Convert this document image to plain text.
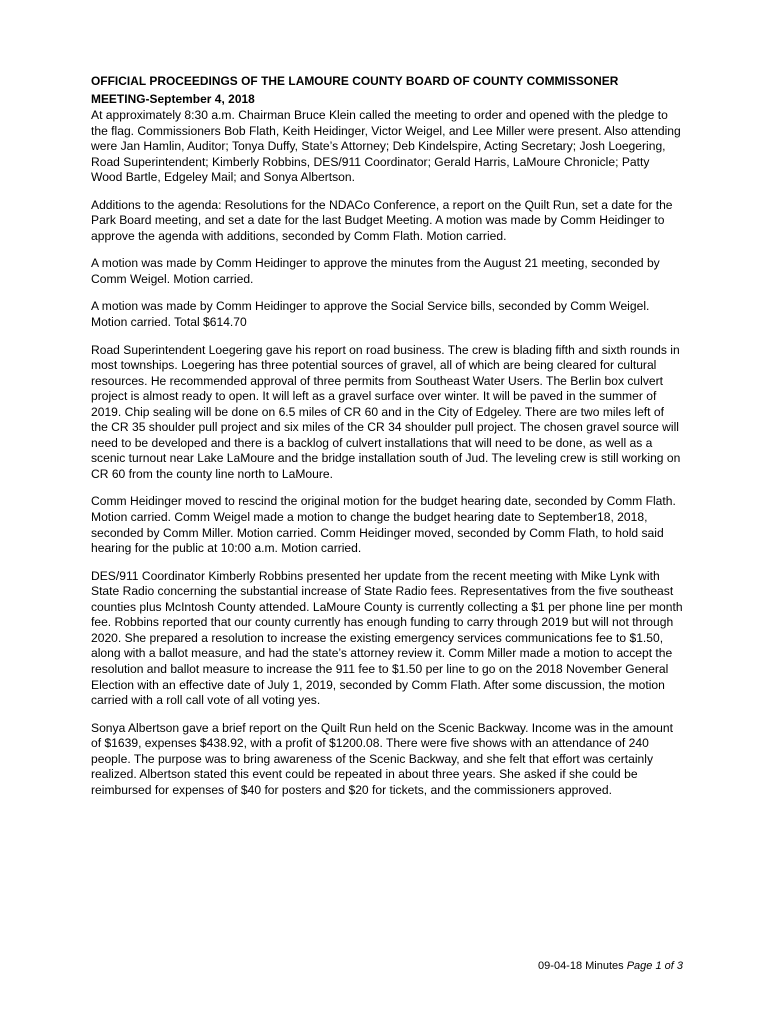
OFFICIAL PROCEEDINGS OF THE LAMOURE COUNTY BOARD OF COUNTY COMMISSONER
MEETING-September 4, 2018

At approximately 8:30 a.m. Chairman Bruce Klein called the meeting to order and opened with the pledge to the flag. Commissioners Bob Flath, Keith Heidinger, Victor Weigel, and Lee Miller were present. Also attending were Jan Hamlin, Auditor; Tonya Duffy, State’s Attorney; Deb Kindelspire, Acting Secretary; Josh Loegering, Road Superintendent; Kimberly Robbins, DES/911 Coordinator; Gerald Harris, LaMoure Chronicle; Patty Wood Bartle, Edgeley Mail; and Sonya Albertson.

Additions to the agenda: Resolutions for the NDACo Conference, a report on the Quilt Run, set a date for the Park Board meeting, and set a date for the last Budget Meeting. A motion was made by Comm Heidinger to approve the agenda with additions, seconded by Comm Flath. Motion carried.

A motion was made by Comm Heidinger to approve the minutes from the August 21 meeting, seconded by Comm Weigel. Motion carried.

A motion was made by Comm Heidinger to approve the Social Service bills, seconded by Comm Weigel. Motion carried. Total $614.70

Road Superintendent Loegering gave his report on road business. The crew is blading fifth and sixth rounds in most townships. Loegering has three potential sources of gravel, all of which are being cleared for cultural resources. He recommended approval of three permits from Southeast Water Users. The Berlin box culvert project is almost ready to open. It will left as a gravel surface over winter. It will be paved in the summer of 2019. Chip sealing will be done on 6.5 miles of CR 60 and in the City of Edgeley. There are two miles left of the CR 35 shoulder pull project and six miles of the CR 34 shoulder pull project. The chosen gravel source will need to be developed and there is a backlog of culvert installations that will need to be done, as well as a scenic turnout near Lake LaMoure and the bridge installation south of Jud. The leveling crew is still working on CR 60 from the county line north to LaMoure.

Comm Heidinger moved to rescind the original motion for the budget hearing date, seconded by Comm Flath. Motion carried. Comm Weigel made a motion to change the budget hearing date to September18, 2018, seconded by Comm Miller. Motion carried. Comm Heidinger moved, seconded by Comm Flath, to hold said hearing for the public at 10:00 a.m. Motion carried.

DES/911 Coordinator Kimberly Robbins presented her update from the recent meeting with Mike Lynk with State Radio concerning the substantial increase of State Radio fees. Representatives from the five southeast counties plus McIntosh County attended. LaMoure County is currently collecting a $1 per phone line per month fee. Robbins reported that our county currently has enough funding to carry through 2019 but will not through 2020. She prepared a resolution to increase the existing emergency services communications fee to $1.50, along with a ballot measure, and had the state’s attorney review it. Comm Miller made a motion to accept the resolution and ballot measure to increase the 911 fee to $1.50 per line to go on the 2018 November General Election with an effective date of July 1, 2019, seconded by Comm Flath. After some discussion, the motion carried with a roll call vote of all voting yes.

Sonya Albertson gave a brief report on the Quilt Run held on the Scenic Backway. Income was in the amount of $1639, expenses $438.92, with a profit of $1200.08. There were five shows with an attendance of 240 people. The purpose was to bring awareness of the Scenic Backway, and she felt that effort was certainly realized. Albertson stated this event could be repeated in about three years. She asked if she could be reimbursed for expenses of $40 for posters and $20 for tickets, and the commissioners approved.

09-04-18 Minutes Page 1 of 3
